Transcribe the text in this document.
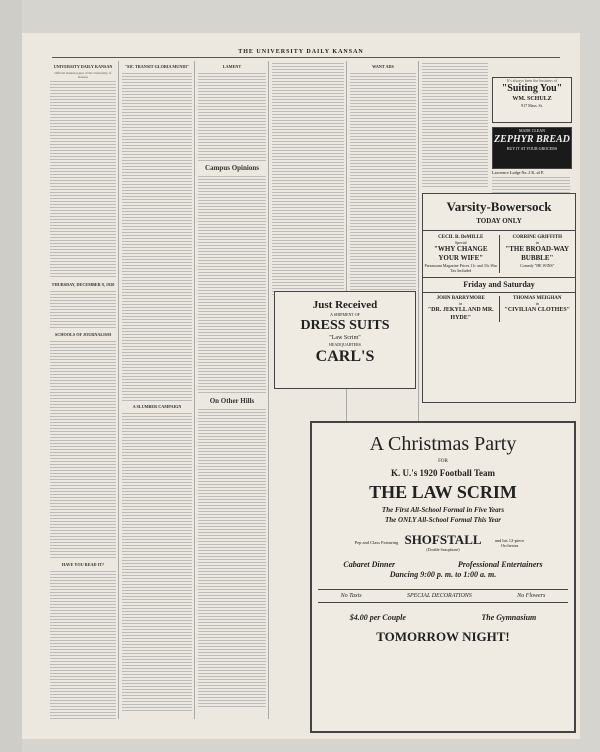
THE UNIVERSITY DAILY KANSAN
UNIVERSITY DAILY KANSAN
Official student paper of the University of Kansas
THURSDAY, DECEMBER 9, 1920
SCHOOLS OF JOURNALISM
HAVE YOU READ IT?
"SIC TRANSIT GLORIA MUNDI"
A SLUMBER CAMPAIGN
LAMENT
Campus Opinions
On Other Hills
WANT ADS
It's always been the business of
"Suiting You"
WM. SCHULZ
917 Mass. St.
MADE CLEAN
ZEPHYR BREAD
BUY IT AT YOUR GROCERS
Lawrence Lodge No. 2 K. of P.
Varsity-Bowersock
TODAY ONLY
CECIL B. DeMILLE
Special
"WHY CHANGE YOUR WIFE"
Paramount Magazine Prices 11c and 33c War Tax Included
CORRINE GRIFFITH
in
"THE BROAD-WAY BUBBLE"
Comedy "HE WINS"
Friday and Saturday
JOHN BARRYMORE
in
"DR. JEKYLL AND MR. HYDE"
THOMAS MEIGHAN
in
"CIVILIAN CLOTHES"
Just Received
A SHIPMENT OF
DRESS SUITS
"Law Scrim"
HEADQUARTERS
CARL'S
A Christmas Party
FOR
K. U.'s 1920 Football Team
THE LAW SCRIM
The First All-School Formal in Five Years
The ONLY All-School Formal This Year
Pep and Class Featuring SHOFSTALL
(Double Saxophone)
and his 12-piece Orchestra
Cabaret Dinner	Professional Entertainers
Dancing 9:00 p. m. to 1:00 a. m.
No Taxis	SPECIAL DECORATIONS	No Flowers
$4.00 per Couple	The Gymnasium
TOMORROW NIGHT!
